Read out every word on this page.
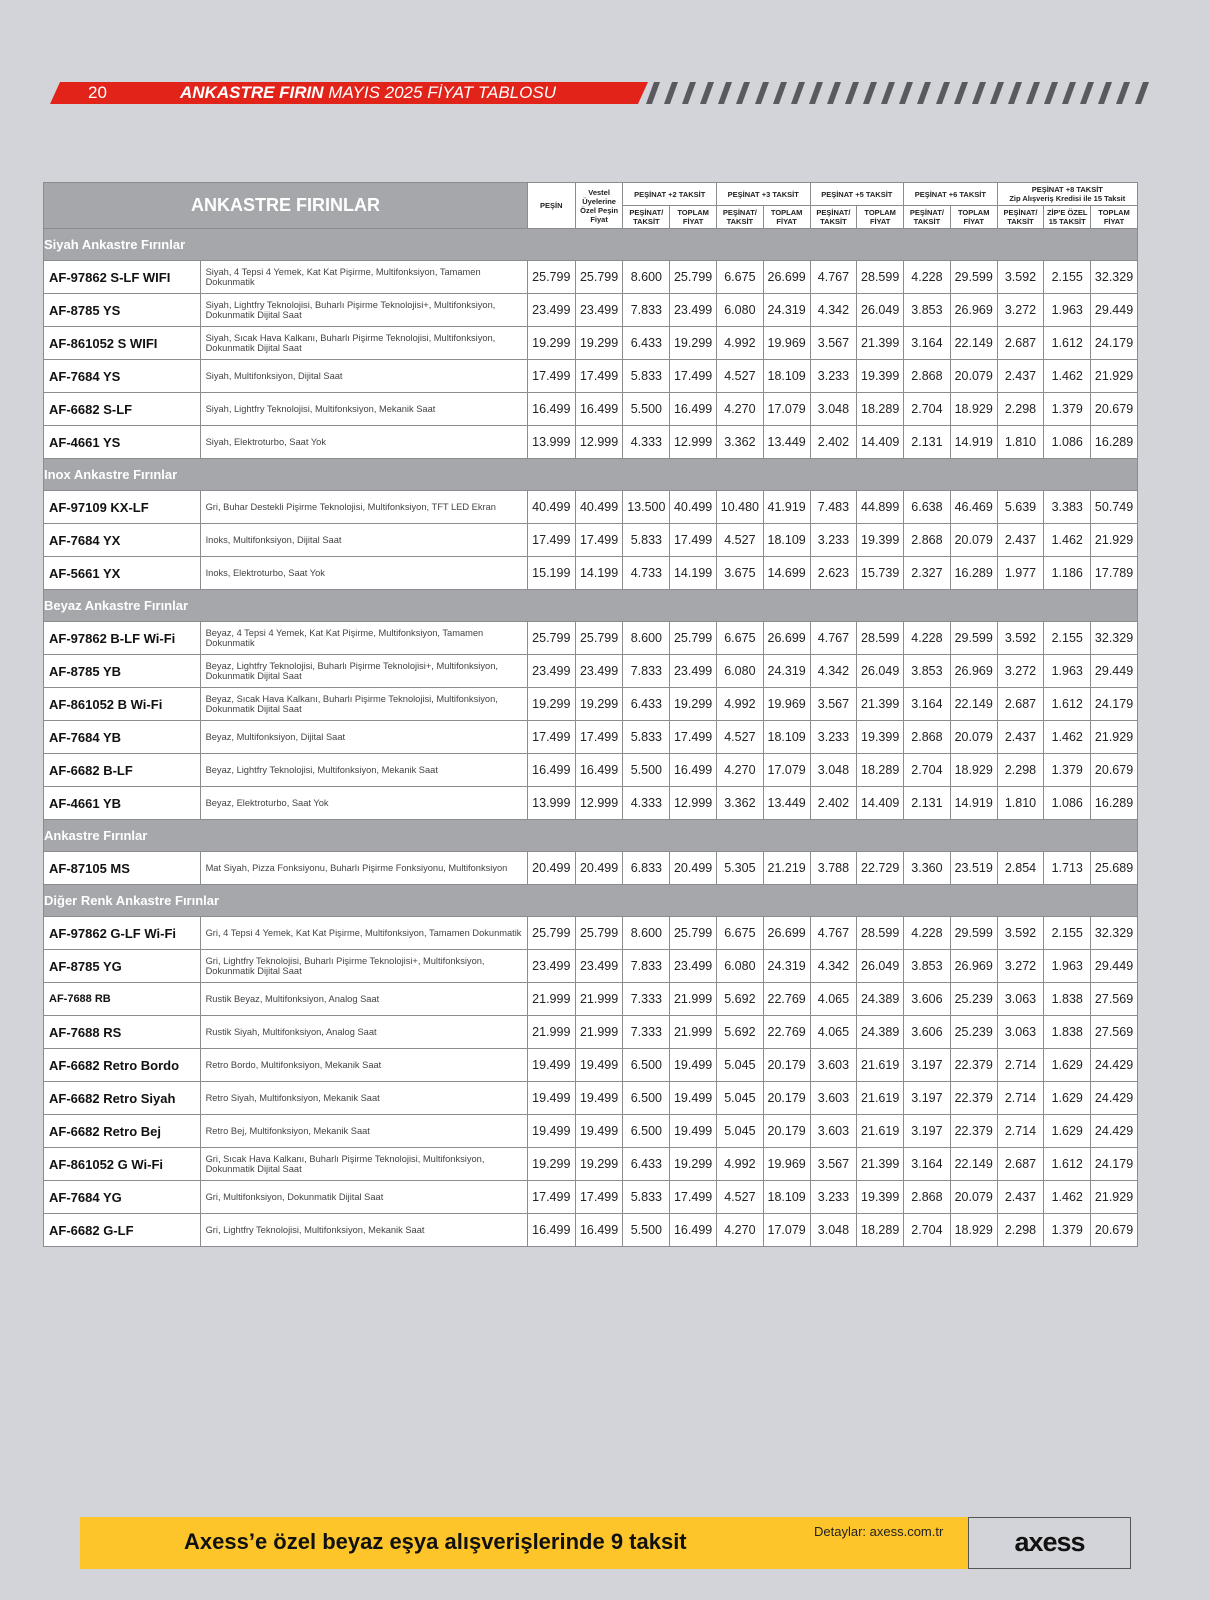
20	ANKASTRE FIRIN MAYIS 2025 FİYAT TABLOSU
ANKASTRE FIRINLAR		PEŞİN	Vestel Üyelerine Özel Peşin Fiyat	PEŞİNAT +2 TAKSİT		PEŞİNAT +3 TAKSİT		PEŞİNAT +5 TAKSİT		PEŞİNAT +6 TAKSİT		PEŞİNAT +8 TAKSİT
Zip Alışveriş Kredisi ile 15 Taksit		
				PEŞİNAT/ TAKSİT	TOPLAM FİYAT	PEŞİNAT/ TAKSİT	TOPLAM FİYAT	PEŞİNAT/ TAKSİT	TOPLAM FİYAT	PEŞİNAT/ TAKSİT	TOPLAM FİYAT	PEŞİNAT/ TAKSİT	ZİP'E ÖZEL 15 TAKSİT	TOPLAM FİYAT
Siyah Ankastre Fırınlar														
AF-97862 S-LF WIFI	Siyah, 4 Tepsi 4 Yemek, Kat Kat Pişirme, Multifonksiyon, Tamamen Dokunmatik	25.799	25.799	8.600	25.799	6.675	26.699	4.767	28.599	4.228	29.599	3.592	2.155	32.329
AF-8785 YS	Siyah, Lightfry Teknolojisi, Buharlı Pişirme Teknolojisi+, Multifonksiyon, Dokunmatik Dijital Saat	23.499	23.499	7.833	23.499	6.080	24.319	4.342	26.049	3.853	26.969	3.272	1.963	29.449
AF-861052 S WIFI	Siyah, Sıcak Hava Kalkanı, Buharlı Pişirme Teknolojisi, Multifonksiyon, Dokunmatik Dijital Saat	19.299	19.299	6.433	19.299	4.992	19.969	3.567	21.399	3.164	22.149	2.687	1.612	24.179
AF-7684 YS	Siyah, Multifonksiyon, Dijital Saat	17.499	17.499	5.833	17.499	4.527	18.109	3.233	19.399	2.868	20.079	2.437	1.462	21.929
AF-6682 S-LF	Siyah, Lightfry Teknolojisi, Multifonksiyon, Mekanik Saat	16.499	16.499	5.500	16.499	4.270	17.079	3.048	18.289	2.704	18.929	2.298	1.379	20.679
AF-4661 YS	Siyah, Elektroturbo, Saat Yok	13.999	12.999	4.333	12.999	3.362	13.449	2.402	14.409	2.131	14.919	1.810	1.086	16.289
Inox Ankastre Fırınlar														
AF-97109 KX-LF	Gri, Buhar Destekli Pişirme Teknolojisi, Multifonksiyon, TFT LED Ekran	40.499	40.499	13.500	40.499	10.480	41.919	7.483	44.899	6.638	46.469	5.639	3.383	50.749
AF-7684 YX	Inoks, Multifonksiyon, Dijital Saat	17.499	17.499	5.833	17.499	4.527	18.109	3.233	19.399	2.868	20.079	2.437	1.462	21.929
AF-5661 YX	Inoks, Elektroturbo, Saat Yok	15.199	14.199	4.733	14.199	3.675	14.699	2.623	15.739	2.327	16.289	1.977	1.186	17.789
Beyaz Ankastre Fırınlar														
AF-97862 B-LF Wi-Fi	Beyaz, 4 Tepsi 4 Yemek, Kat Kat Pişirme, Multifonksiyon, Tamamen Dokunmatik	25.799	25.799	8.600	25.799	6.675	26.699	4.767	28.599	4.228	29.599	3.592	2.155	32.329
AF-8785 YB	Beyaz, Lightfry Teknolojisi, Buharlı Pişirme Teknolojisi+, Multifonksiyon, Dokunmatik Dijital Saat	23.499	23.499	7.833	23.499	6.080	24.319	4.342	26.049	3.853	26.969	3.272	1.963	29.449
AF-861052 B Wi-Fi	Beyaz, Sıcak Hava Kalkanı, Buharlı Pişirme Teknolojisi, Multifonksiyon, Dokunmatik Dijital Saat	19.299	19.299	6.433	19.299	4.992	19.969	3.567	21.399	3.164	22.149	2.687	1.612	24.179
AF-7684 YB	Beyaz, Multifonksiyon, Dijital Saat	17.499	17.499	5.833	17.499	4.527	18.109	3.233	19.399	2.868	20.079	2.437	1.462	21.929
AF-6682 B-LF	Beyaz, Lightfry Teknolojisi, Multifonksiyon, Mekanik Saat	16.499	16.499	5.500	16.499	4.270	17.079	3.048	18.289	2.704	18.929	2.298	1.379	20.679
AF-4661 YB	Beyaz, Elektroturbo, Saat Yok	13.999	12.999	4.333	12.999	3.362	13.449	2.402	14.409	2.131	14.919	1.810	1.086	16.289
Ankastre Fırınlar														
AF-87105 MS	Mat Siyah, Pizza Fonksiyonu, Buharlı Pişirme Fonksiyonu, Multifonksiyon	20.499	20.499	6.833	20.499	5.305	21.219	3.788	22.729	3.360	23.519	2.854	1.713	25.689
Diğer Renk Ankastre Fırınlar														
AF-97862 G-LF Wi-Fi	Gri, 4 Tepsi 4 Yemek, Kat Kat Pişirme, Multifonksiyon, Tamamen Dokunmatik	25.799	25.799	8.600	25.799	6.675	26.699	4.767	28.599	4.228	29.599	3.592	2.155	32.329
AF-8785 YG	Gri, Lightfry Teknolojisi, Buharlı Pişirme Teknolojisi+, Multifonksiyon, Dokunmatik Dijital Saat	23.499	23.499	7.833	23.499	6.080	24.319	4.342	26.049	3.853	26.969	3.272	1.963	29.449
AF-7688 RB	Rustik Beyaz, Multifonksiyon, Analog Saat	21.999	21.999	7.333	21.999	5.692	22.769	4.065	24.389	3.606	25.239	3.063	1.838	27.569
AF-7688 RS	Rustik Siyah, Multifonksiyon, Analog Saat	21.999	21.999	7.333	21.999	5.692	22.769	4.065	24.389	3.606	25.239	3.063	1.838	27.569
AF-6682 Retro Bordo	Retro Bordo, Multifonksiyon, Mekanik Saat	19.499	19.499	6.500	19.499	5.045	20.179	3.603	21.619	3.197	22.379	2.714	1.629	24.429
AF-6682 Retro Siyah	Retro Siyah, Multifonksiyon, Mekanik Saat	19.499	19.499	6.500	19.499	5.045	20.179	3.603	21.619	3.197	22.379	2.714	1.629	24.429
AF-6682 Retro Bej	Retro Bej, Multifonksiyon, Mekanik Saat	19.499	19.499	6.500	19.499	5.045	20.179	3.603	21.619	3.197	22.379	2.714	1.629	24.429
AF-861052 G Wi-Fi	Gri, Sıcak Hava Kalkanı, Buharlı Pişirme Teknolojisi, Multifonksiyon, Dokunmatik Dijital Saat	19.299	19.299	6.433	19.299	4.992	19.969	3.567	21.399	3.164	22.149	2.687	1.612	24.179
AF-7684 YG	Gri, Multifonksiyon, Dokunmatik Dijital Saat	17.499	17.499	5.833	17.499	4.527	18.109	3.233	19.399	2.868	20.079	2.437	1.462	21.929
AF-6682 G-LF	Gri, Lightfry Teknolojisi, Multifonksiyon, Mekanik Saat	16.499	16.499	5.500	16.499	4.270	17.079	3.048	18.289	2.704	18.929	2.298	1.379	20.679
Axess’e özel beyaz eşya alışverişlerinde 9 taksit	Detaylar: axess.com.tr	axess
